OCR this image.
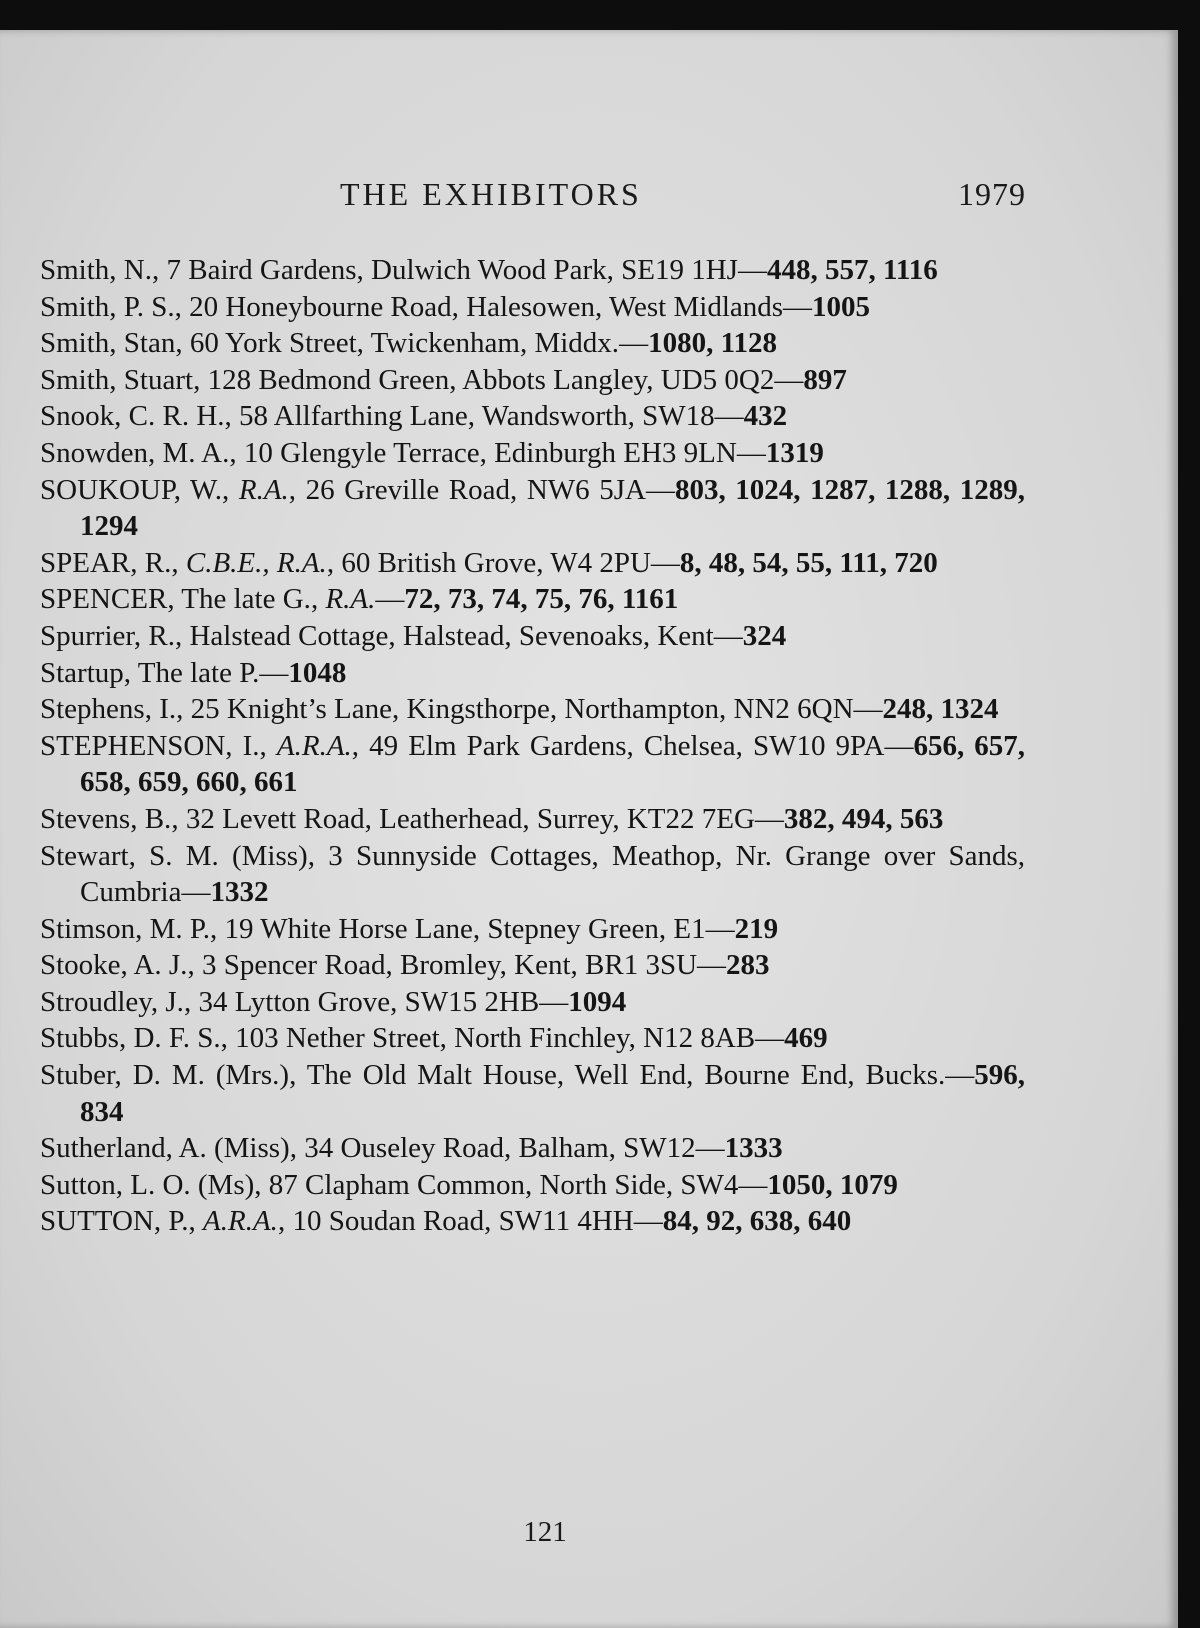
THE EXHIBITORS	1979
Smith, N., 7 Baird Gardens, Dulwich Wood Park, SE19 1HJ—448, 557, 1116
Smith, P. S., 20 Honeybourne Road, Halesowen, West Midlands—1005
Smith, Stan, 60 York Street, Twickenham, Middx.—1080, 1128
Smith, Stuart, 128 Bedmond Green, Abbots Langley, UD5 0Q2—897
Snook, C. R. H., 58 Allfarthing Lane, Wandsworth, SW18—432
Snowden, M. A., 10 Glengyle Terrace, Edinburgh EH3 9LN—1319
SOUKOUP, W., R.A., 26 Greville Road, NW6 5JA—803, 1024, 1287, 1288, 1289, 1294
SPEAR, R., C.B.E., R.A., 60 British Grove, W4 2PU—8, 48, 54, 55, 111, 720
SPENCER, The late G., R.A.—72, 73, 74, 75, 76, 1161
Spurrier, R., Halstead Cottage, Halstead, Sevenoaks, Kent—324
Startup, The late P.—1048
Stephens, I., 25 Knight’s Lane, Kingsthorpe, Northampton, NN2 6QN—248, 1324
STEPHENSON, I., A.R.A., 49 Elm Park Gardens, Chelsea, SW10 9PA—656, 657, 658, 659, 660, 661
Stevens, B., 32 Levett Road, Leatherhead, Surrey, KT22 7EG—382, 494, 563
Stewart, S. M. (Miss), 3 Sunnyside Cottages, Meathop, Nr. Grange over Sands, Cumbria—1332
Stimson, M. P., 19 White Horse Lane, Stepney Green, E1—219
Stooke, A. J., 3 Spencer Road, Bromley, Kent, BR1 3SU—283
Stroudley, J., 34 Lytton Grove, SW15 2HB—1094
Stubbs, D. F. S., 103 Nether Street, North Finchley, N12 8AB—469
Stuber, D. M. (Mrs.), The Old Malt House, Well End, Bourne End, Bucks.—596, 834
Sutherland, A. (Miss), 34 Ouseley Road, Balham, SW12—1333
Sutton, L. O. (Ms), 87 Clapham Common, North Side, SW4—1050, 1079
SUTTON, P., A.R.A., 10 Soudan Road, SW11 4HH—84, 92, 638, 640
121
